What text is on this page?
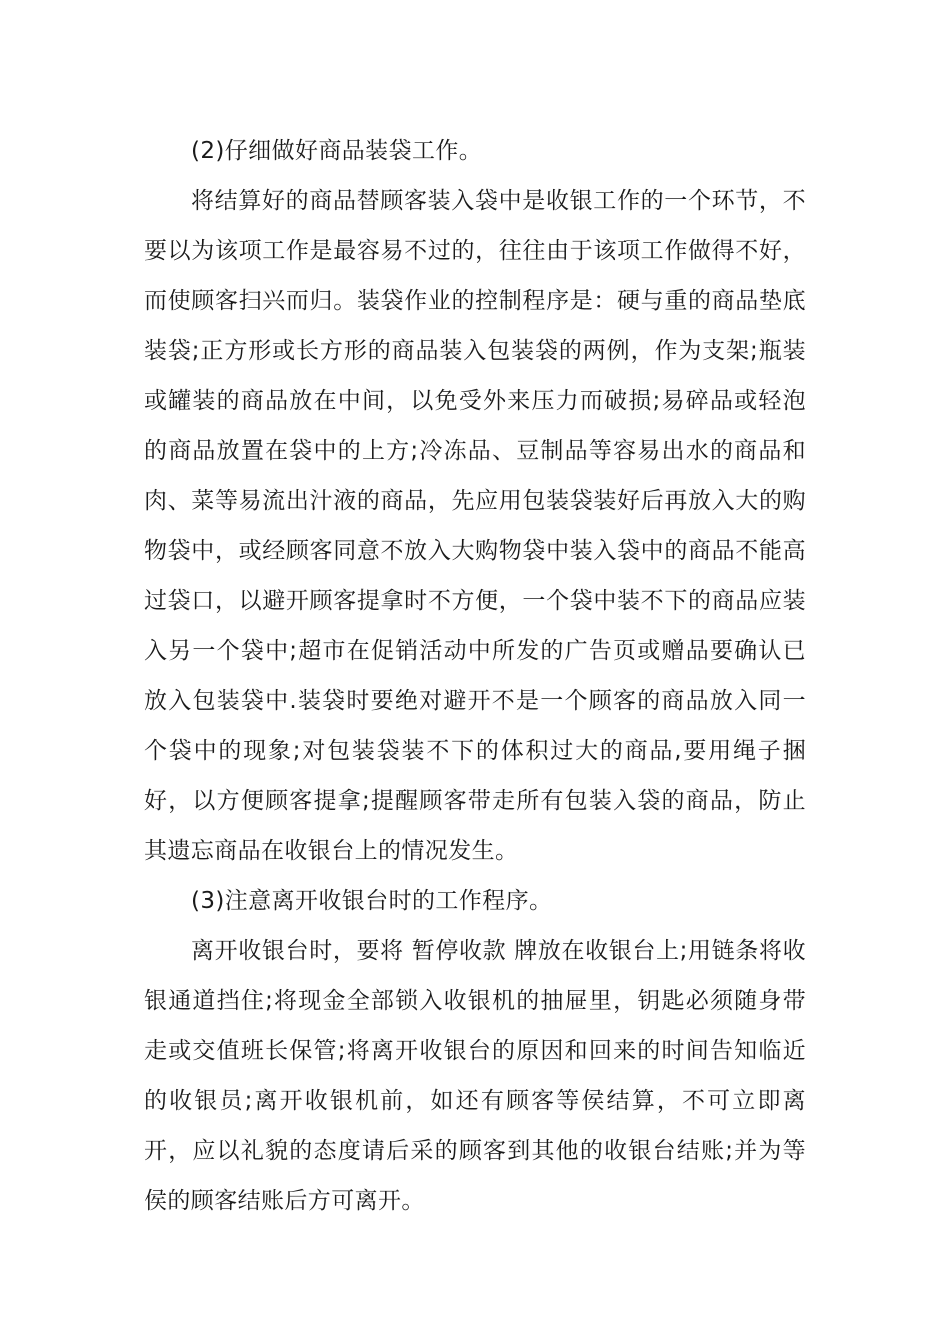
(2)仔细做好商品装袋工作。

将结算好的商品替顾客装入袋中是收银工作的一个环节，不要以为该项工作是最容易不过的，往往由于该项工作做得不好，而使顾客扫兴而归。装袋作业的控制程序是：硬与重的商品垫底装袋;正方形或长方形的商品装入包装袋的两例，作为支架;瓶装或罐装的商品放在中间，以免受外来压力而破损;易碎品或轻泡的商品放置在袋中的上方;冷冻品、豆制品等容易出水的商品和肉、菜等易流出汁液的商品，先应用包装袋装好后再放入大的购物袋中，或经顾客同意不放入大购物袋中装入袋中的商品不能高过袋口，以避开顾客提拿时不方便，一个袋中装不下的商品应装入另一个袋中;超市在促销活动中所发的广告页或赠品要确认已放入包装袋中.装袋时要绝对避开不是一个顾客的商品放入同一个袋中的现象;对包装袋装不下的体积过大的商品,要用绳子捆好，以方便顾客提拿;提醒顾客带走所有包装入袋的商品，防止其遗忘商品在收银台上的情况发生。

(3)注意离开收银台时的工作程序。

离开收银台时，要将 暂停收款 牌放在收银台上;用链条将收银通道挡住;将现金全部锁入收银机的抽屉里，钥匙必须随身带走或交值班长保管;将离开收银台的原因和回来的时间告知临近的收银员;离开收银机前，如还有顾客等侯结算，不可立即离开，应以礼貌的态度请后采的顾客到其他的收银台结账;并为等侯的顾客结账后方可离开。
